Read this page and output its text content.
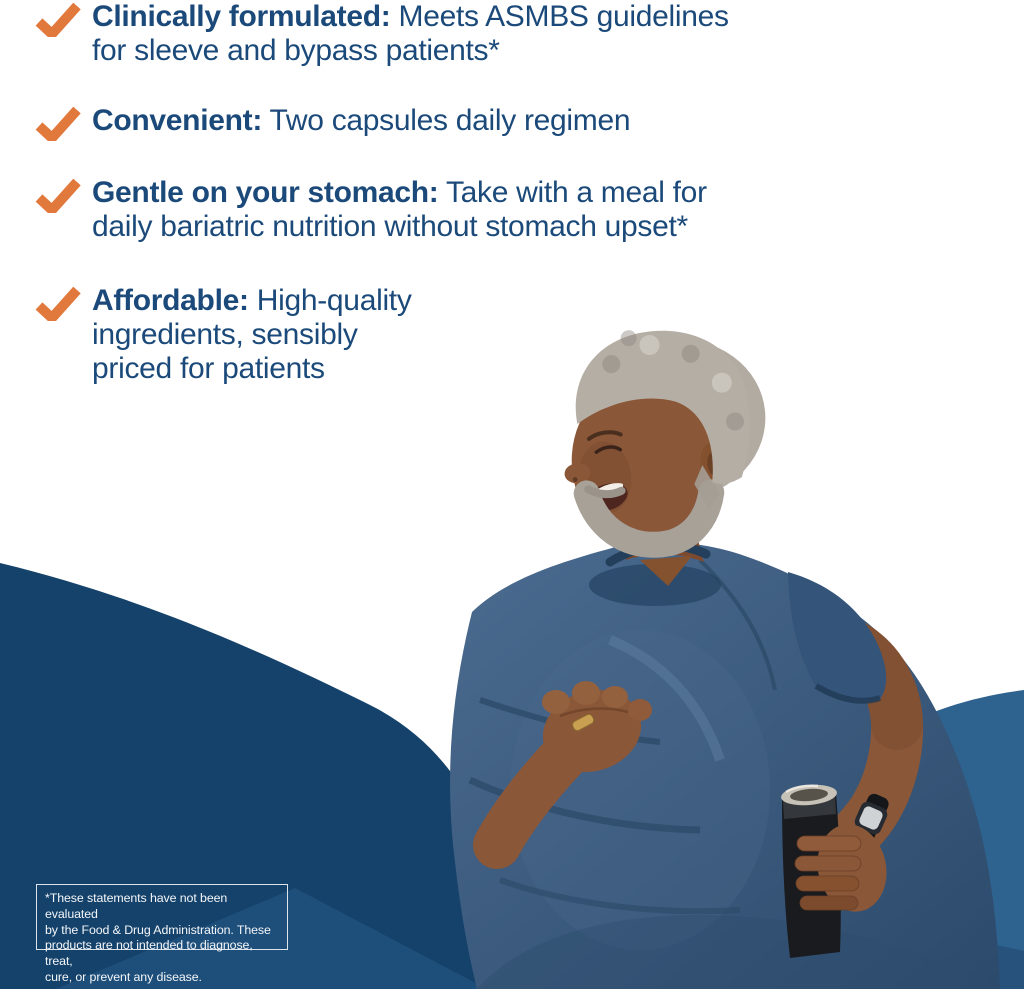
Clinically formulated: Meets ASMBS guidelines
for sleeve and bypass patients*
Convenient: Two capsules daily regimen
Gentle on your stomach: Take with a meal for
daily bariatric nutrition without stomach upset*
Affordable: High-quality
ingredients, sensibly
priced for patients
*These statements have not been evaluated
by the Food & Drug Administration. These
products are not intended to diagnose, treat,
cure, or prevent any disease.
